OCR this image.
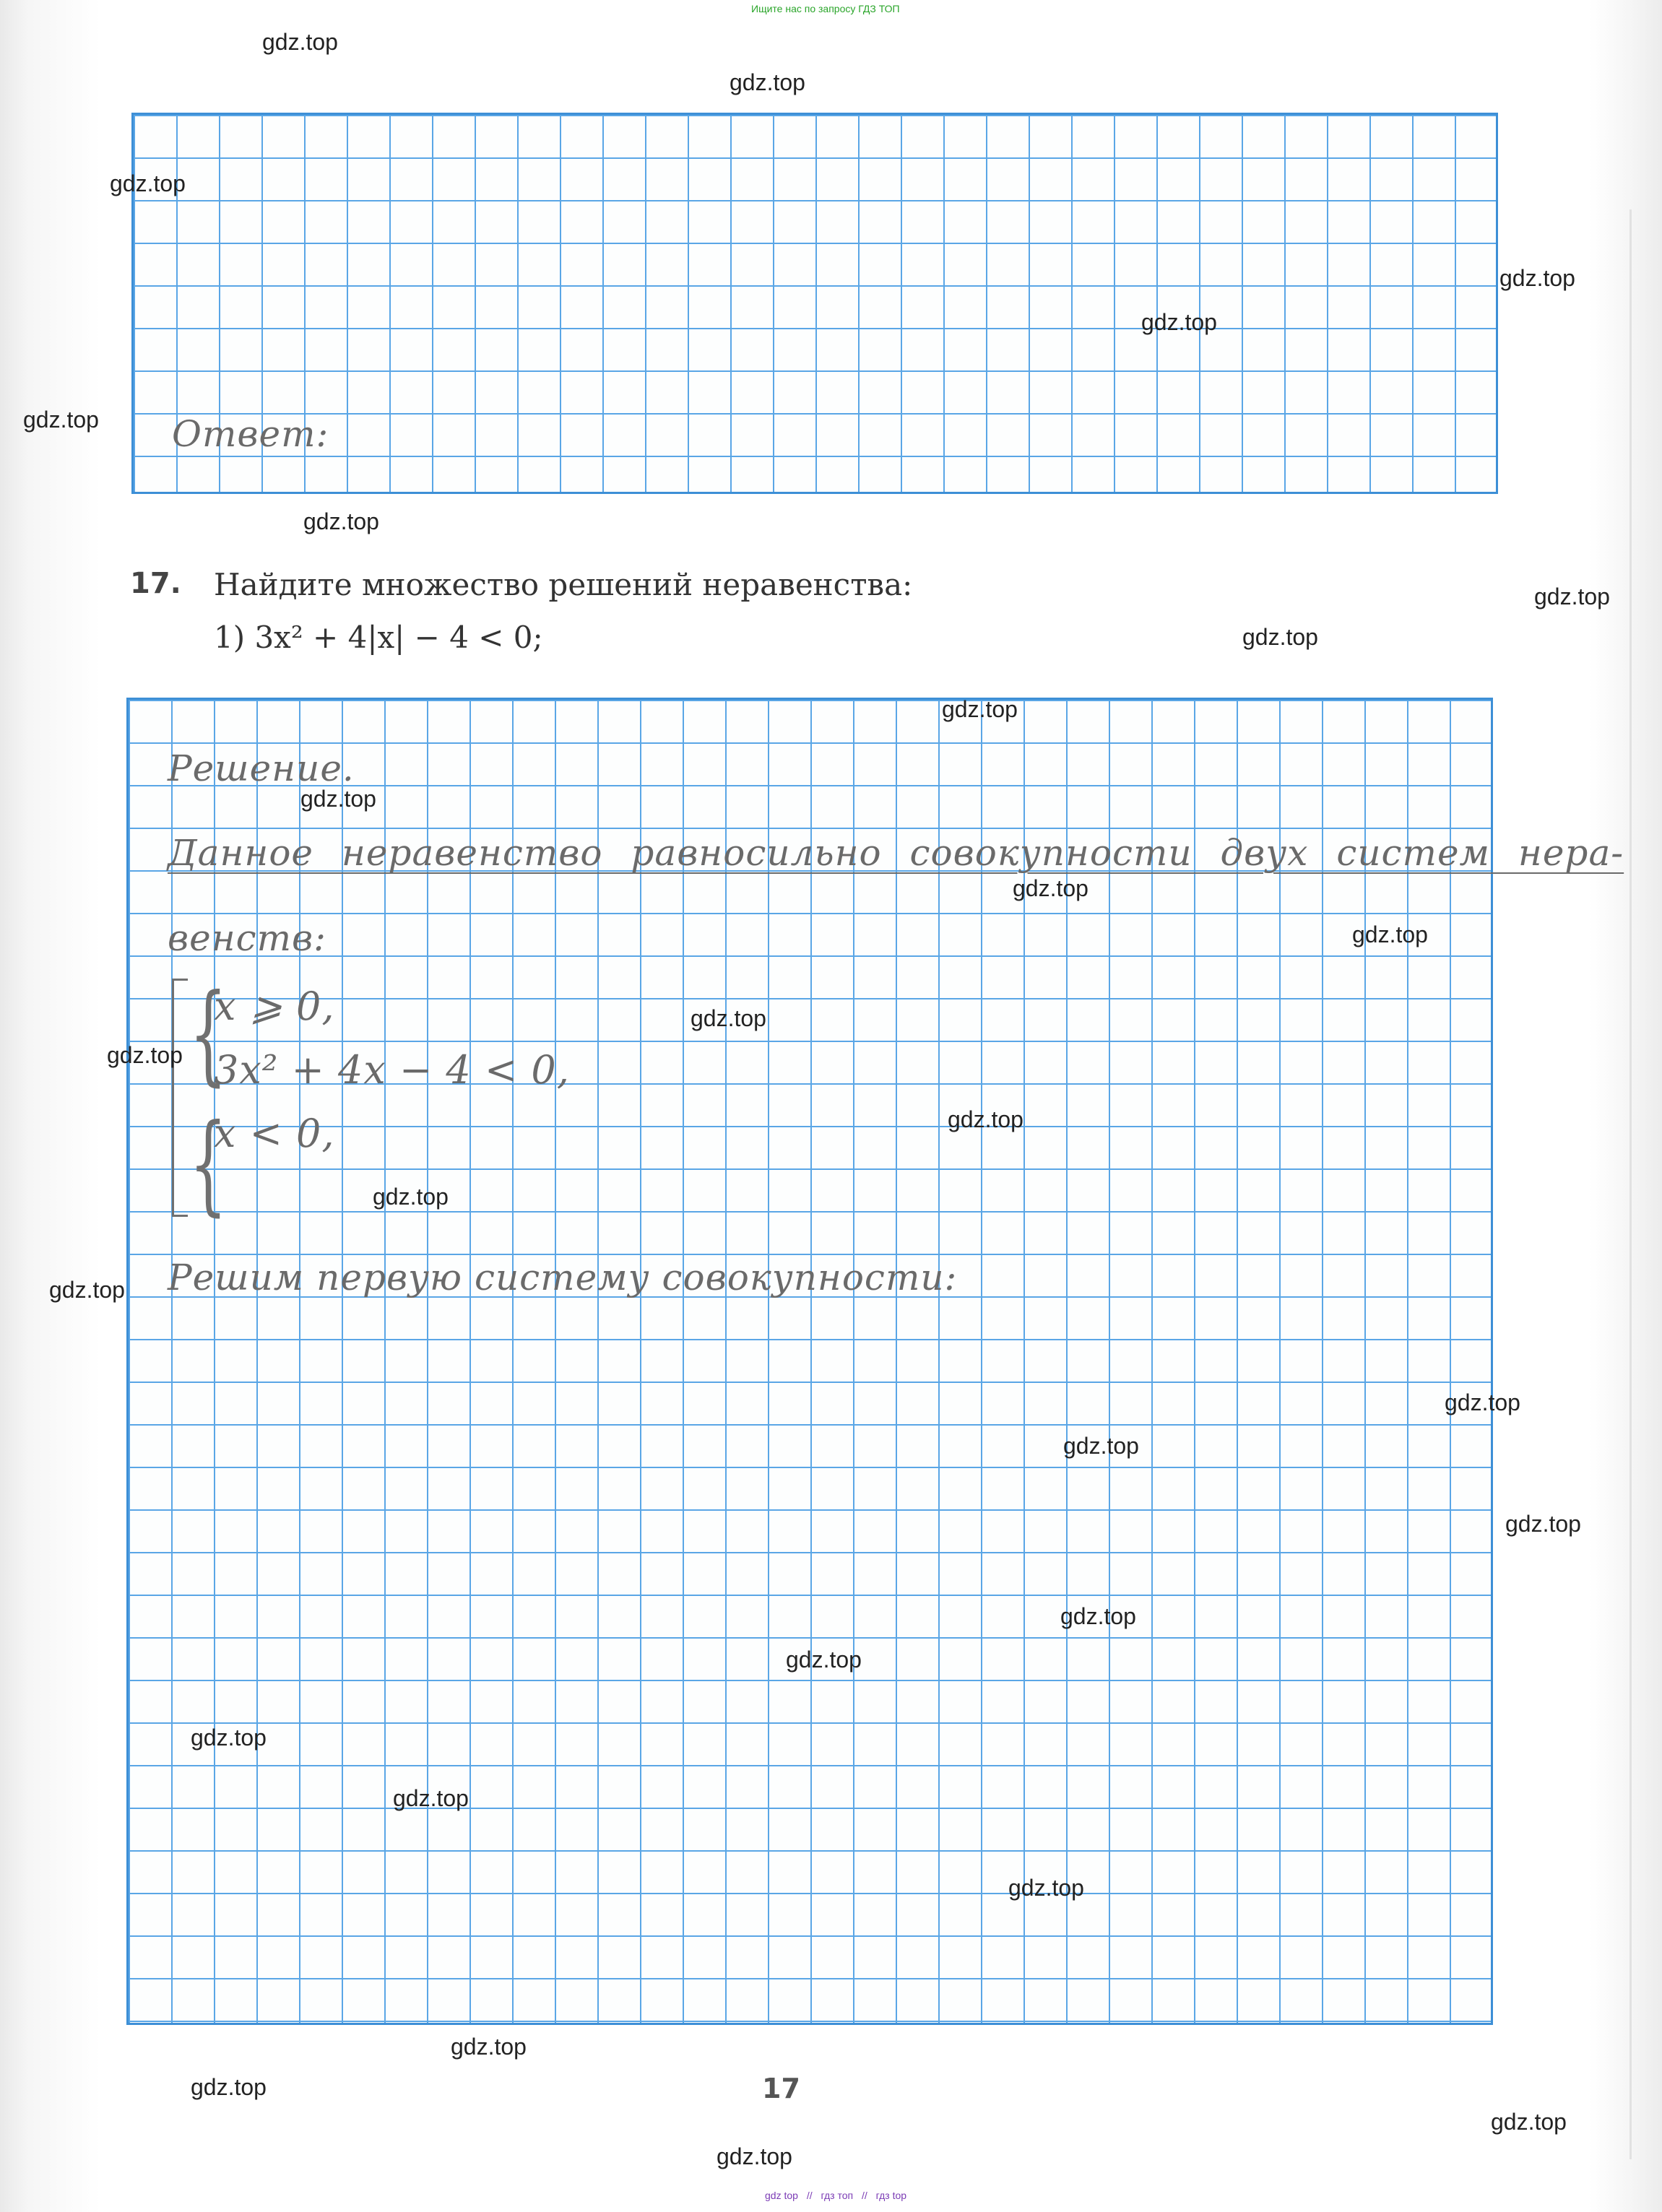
Ищите нас по запросу ГДЗ ТОП
Ответ:
17. Найдите множество решений неравенства:
1) 3x² + 4|x| − 4 < 0;
Решение.
Данное неравенство равносильно совокупности двух систем нера-
венств:
{
{
x ⩾ 0,
3x² + 4x − 4 < 0,
x < 0,
Решим первую систему совокупности:
17
gdz.top
gdz.top
gdz.top
gdz.top
gdz.top
gdz.top
gdz.top
gdz.top
gdz.top
gdz.top
gdz.top
gdz.top
gdz.top
gdz.top
gdz.top
gdz.top
gdz.top
gdz.top
gdz.top
gdz.top
gdz.top
gdz.top
gdz.top
gdz.top
gdz.top
gdz.top
gdz.top
gdz.top
gdz.top
gdz.top
gdz top // гдз топ // гдз top
